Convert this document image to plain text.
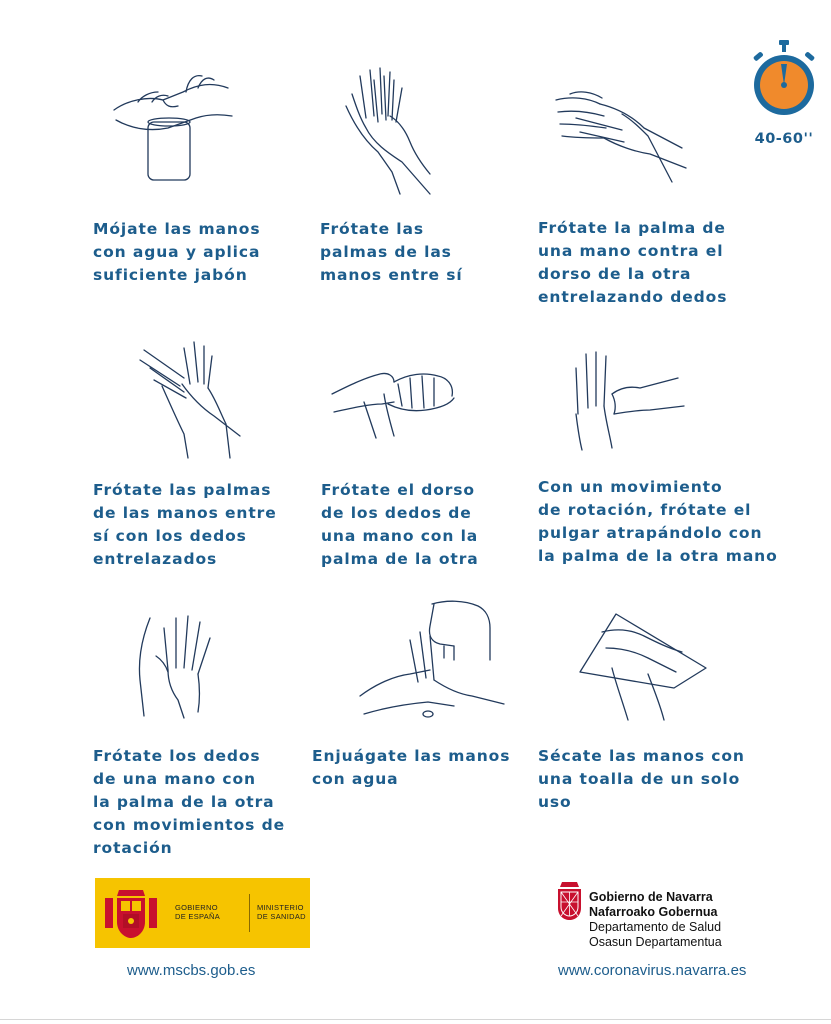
Mójate las manos
con agua y aplica
suficiente jabón
Frótate las
palmas de las
manos entre sí
Frótate la palma de
una mano contra el
dorso de la otra
entrelazando dedos
Frótate las palmas
de las manos entre
sí con los dedos
entrelazados
Frótate el dorso
de los dedos de
una mano con la
palma de la otra
Con un movimiento
de rotación, frótate el
pulgar atrapándolo con
la palma de la otra mano
Frótate los dedos
de una mano con
la palma de la otra
con movimientos de
rotación
Enjuágate las manos
con agua
Sécate las manos con
una toalla de un solo
uso
40-60''
GOBIERNO
DE ESPAÑA
MINISTERIO
DE SANIDAD
Gobierno de Navarra
Nafarroako Gobernua
Departamento de Salud
Osasun Departamentua
www.mscbs.gob.es	www.coronavirus.navarra.es
